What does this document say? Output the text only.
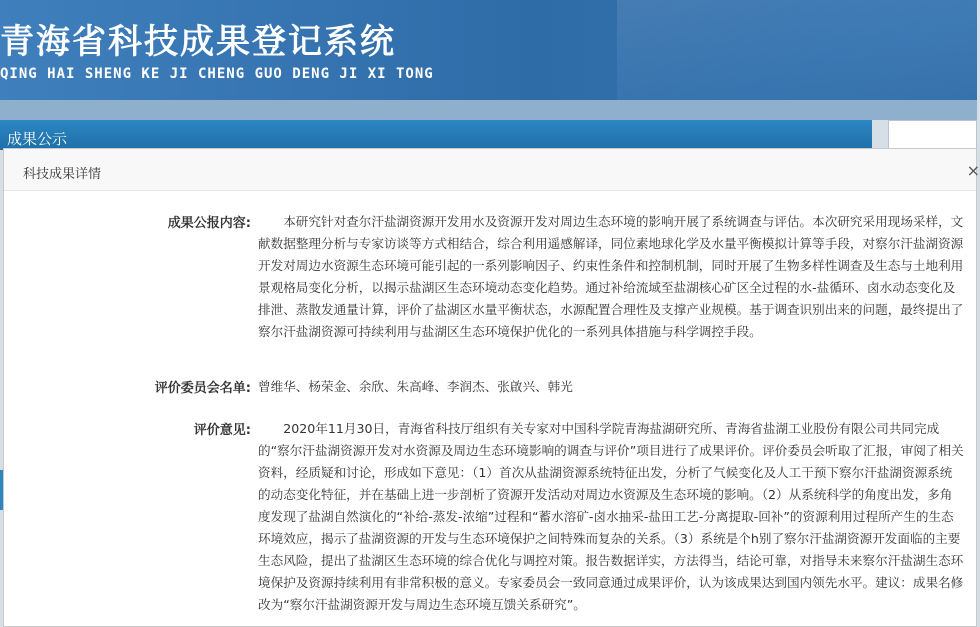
青海省科技成果登记系统
QING HAI SHENG KE JI CHENG GUO DENG JI XI TONG
成果公示
科技成果详情	×
成果公报内容:	本研究针对查尔汗盐湖资源开发用水及资源开发对周边生态环境的影响开展了系统调查与评估。本次研究采用现场采样，文献数据整理分析与专家访谈等方式相结合，综合利用遥感解译，同位素地球化学及水量平衡模拟计算等手段，对察尔汗盐湖资源开发对周边水资源生态环境可能引起的一系列影响因子、约束性条件和控制机制，同时开展了生物多样性调查及生态与土地利用景观格局变化分析，以揭示盐湖区生态环境动态变化趋势。通过补给流域至盐湖核心矿区全过程的水-盐循环、卤水动态变化及排泄、蒸散发通量计算，评价了盐湖区水量平衡状态，水源配置合理性及支撑产业规模。基于调查识别出来的问题，最终提出了察尔汗盐湖资源可持续利用与盐湖区生态环境保护优化的一系列具体措施与科学调控手段。
评价委员会名单: 曾维华、杨荣金、余欣、朱高峰、李润杰、张啟兴、韩光
评价意见:	2020年11月30日，青海省科技厅组织有关专家对中国科学院青海盐湖研究所、青海省盐湖工业股份有限公司共同完成的“察尔汗盐湖资源开发对水资源及周边生态环境影响的调查与评价”项目进行了成果评价。评价委员会听取了汇报，审阅了相关资料，经质疑和讨论，形成如下意见：（1）首次从盐湖资源系统特征出发，分析了气候变化及人工干预下察尔汗盐湖资源系统的动态变化特征，并在基础上进一步剖析了资源开发活动对周边水资源及生态环境的影响。（2）从系统科学的角度出发，多角度发现了盐湖自然演化的“补给-蒸发-浓缩”过程和“蓄水溶矿-卤水抽采-盐田工艺-分离提取-回补”的资源利用过程所产生的生态环境效应，揭示了盐湖资源的开发与生态环境保护之间特殊而复杂的关系。（3）系统是个h别了察尔汗盐湖资源开发面临的主要生态风险，提出了盐湖区生态环境的综合优化与调控对策。报告数据详实，方法得当，结论可靠，对指导未来察尔汗盐湖生态环境保护及资源持续利用有非常积极的意义。专家委员会一致同意通过成果评价，认为该成果达到国内领先水平。建议：成果名修改为“察尔汗盐湖资源开发与周边生态环境互馈关系研究”。
